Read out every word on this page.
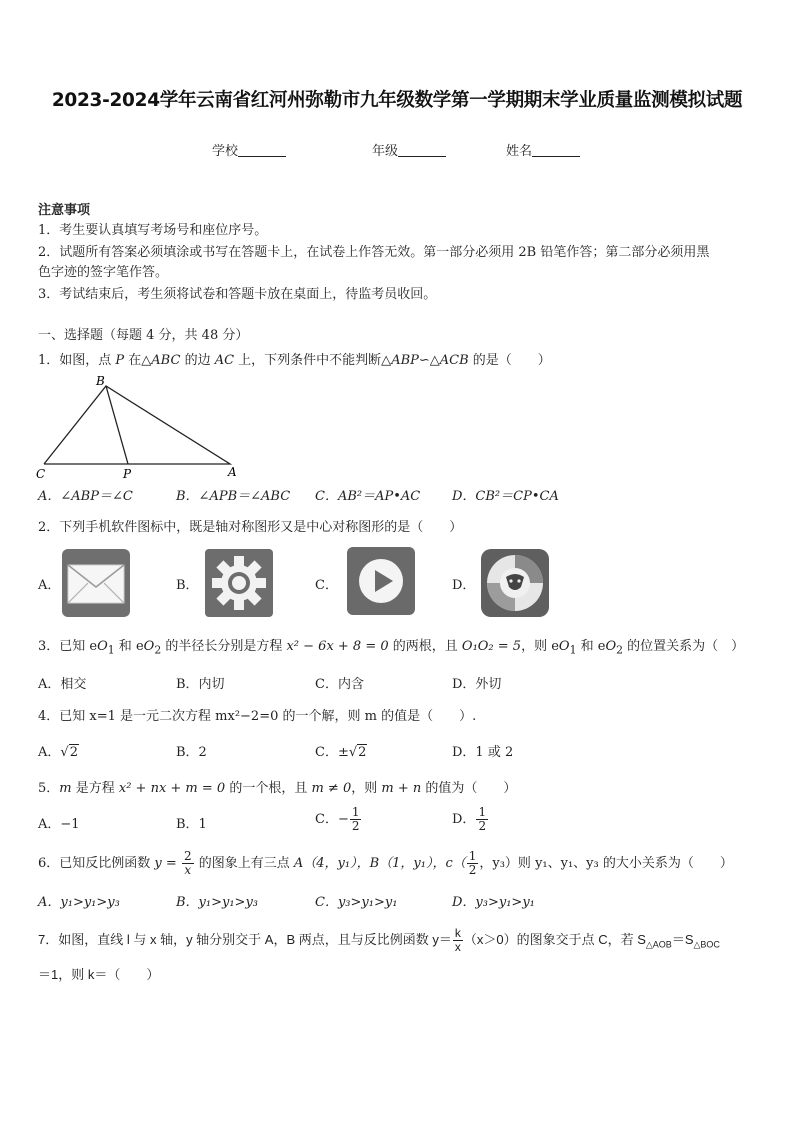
2023-2024学年云南省红河州弥勒市九年级数学第一学期期末学业质量监测模拟试题
学校	年级	姓名
注意事项
1．考生要认真填写考场号和座位序号。
2．试题所有答案必须填涂或书写在答题卡上，在试卷上作答无效。第一部分必须用 2B 铅笔作答；第二部分必须用黑
色字迹的签字笔作答。
3．考试结束后，考生须将试卷和答题卡放在桌面上，待监考员收回。
一、选择题（每题 4 分，共 48 分）
1．如图，点 P 在△ABC 的边 AC 上，下列条件中不能判断△ABP∽△ACB 的是（　　）
B
C	P	A
A．∠ABP＝∠C	B．∠APB＝∠ABC C．AB²＝AP•AC D．CB²＝CP•CA
2．下列手机软件图标中，既是轴对称图形又是中心对称图形的是（　　）
A．	B．	C．	D．
3．已知 $eO_1$ 和 $eO_2$ 的半径长分别是方程 x² − 6x + 8 = 0 的两根，且 O₁O₂ = 5，则 $eO_1$ 和 $eO_2$ 的位置关系为（　）
A．相交	B．内切	C．内含	D．外切
4．已知 x=1 是一元二次方程 mx²−2=0 的一个解，则 m 的值是（　　）.
A．√2	B．2	C．±√2	D．1 或 2
5．m 是方程 x² + nx + m = 0 的一个根，且 m ≠ 0，则 m + n 的值为（　　）
A．−1	B．1	C．− $\frac{1}{2}$	D． $\frac{1}{2}$
6．已知反比例函数 $y = \frac{2}{x}$ 的图象上有三点 A（4，y₁），B（1，y₁），$c( \frac{1}{2}$ ，y₃）则 y₁、y₁、y₃ 的大小关系为（　　）
A．y₁>y₁>y₃	B．y₁>y₁>y₃	C．y₃>y₁>y₁	D．y₃>y₁>y₁
7．如图，直线 l 与 x 轴，y 轴分别交于 A，B 两点，且与反比例函数 $y= \frac{k}{x} (x>0)$的图象交于点 C，若 $S_{\triangle AOB}=S_{\triangle BOC}$
＝1，则 k＝（　　）
